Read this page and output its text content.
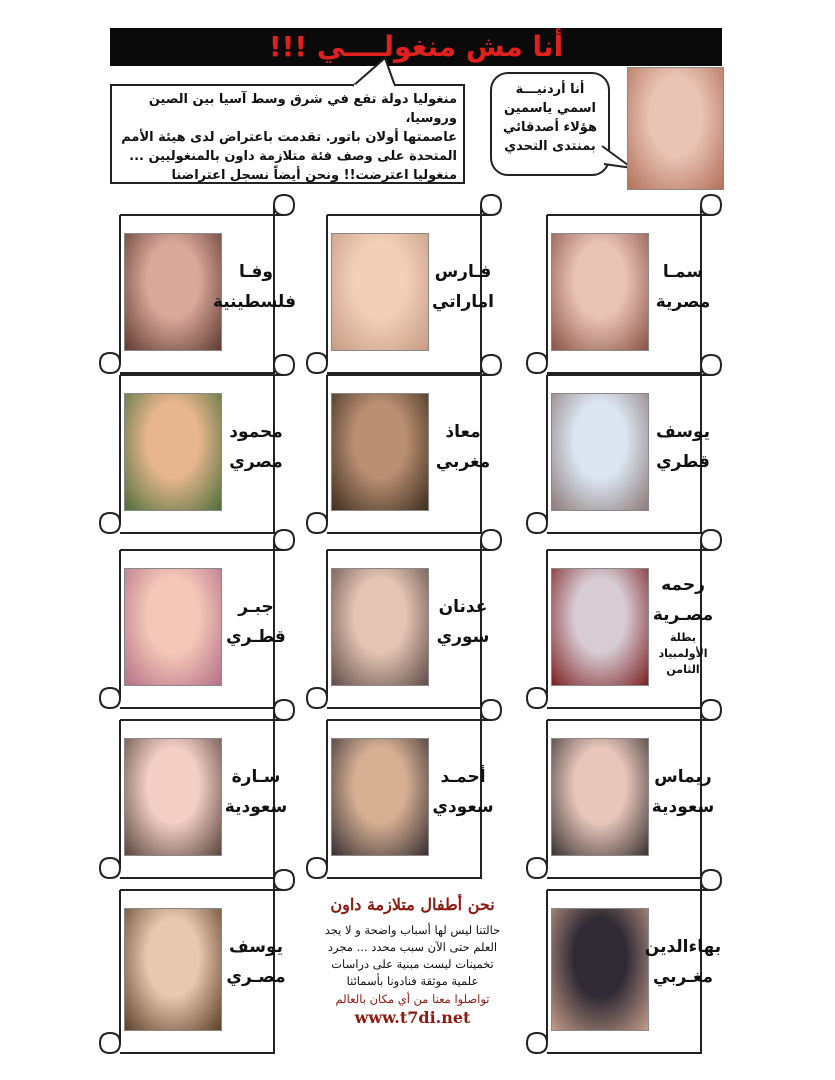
أنا مش منغولــــي !!!
منغوليا دولة تقع في شرق وسط آسيا بين الصين وروسيا،
عاصمتها أولان باتور. تقدمت باعتراض لدى هيئة الأمم
المتحدة على وصف فئة متلازمة داون بالمنغوليين ...
منغوليا اعترضت!! ونحن أيضاً نسجل اعتراضنا
أنا أردنيـــة
اسمي ياسمين
هؤلاء أصدقائي
بمنتدى التحدي
سمـا
مصرية
فـارس
اماراتي
وفـا
فلسطينية
يوسف
قطري
معاذ
مغربي
محمود
مصري
رحمه
مصـرية
بطلة
الأولمبياد
الثامن
عدنان
سوري
جبـر
قطـري
ريماس
سعودية
أحمـد
سعودي
سـارة
سعودية
بهاءالدين
مغـربي
يوسف
مصـري
نحن أطفال متلازمة داون
حالتنا ليس لها أسباب واضحة و لا يجد
العلم حتى الآن سبب محدد ... مجرد
تخمينات ليست مبنية على دراسات
علمية موثقة فنادونا بأسمائنا
تواصلوا معنا من أي مكان بالعالم
www.t7di.net
